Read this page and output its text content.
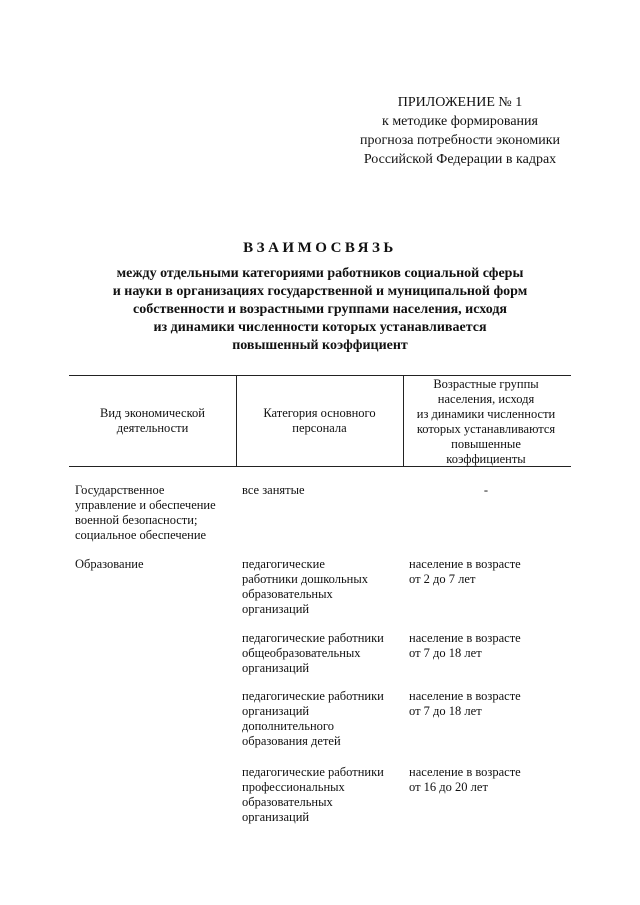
ПРИЛОЖЕНИЕ № 1
к методике формирования
прогноза потребности экономики
Российской Федерации в кадрах
ВЗАИМОСВЯЗЬ
между отдельными категориями работников социальной сферы
и науки в организациях государственной и муниципальной форм
собственности и возрастными группами населения, исходя
из динамики численности которых устанавливается
повышенный коэффициент
Вид экономической
деятельности
Категория основного
персонала
Возрастные группы
населения, исходя
из динамики численности
которых устанавливаются
повышенные
коэффициенты
Государственное
управление и обеспечение
военной безопасности;
социальное обеспечение
все занятые	-
Образование	педагогические
работники дошкольных
образовательных
организаций
население в возрасте
от 2 до 7 лет
педагогические работники
общеобразовательных
организаций
население в возрасте
от 7 до 18 лет
педагогические работники
организаций
дополнительного
образования детей
население в возрасте
от 7 до 18 лет
педагогические работники
профессиональных
образовательных
организаций
население в возрасте
от 16 до 20 лет
